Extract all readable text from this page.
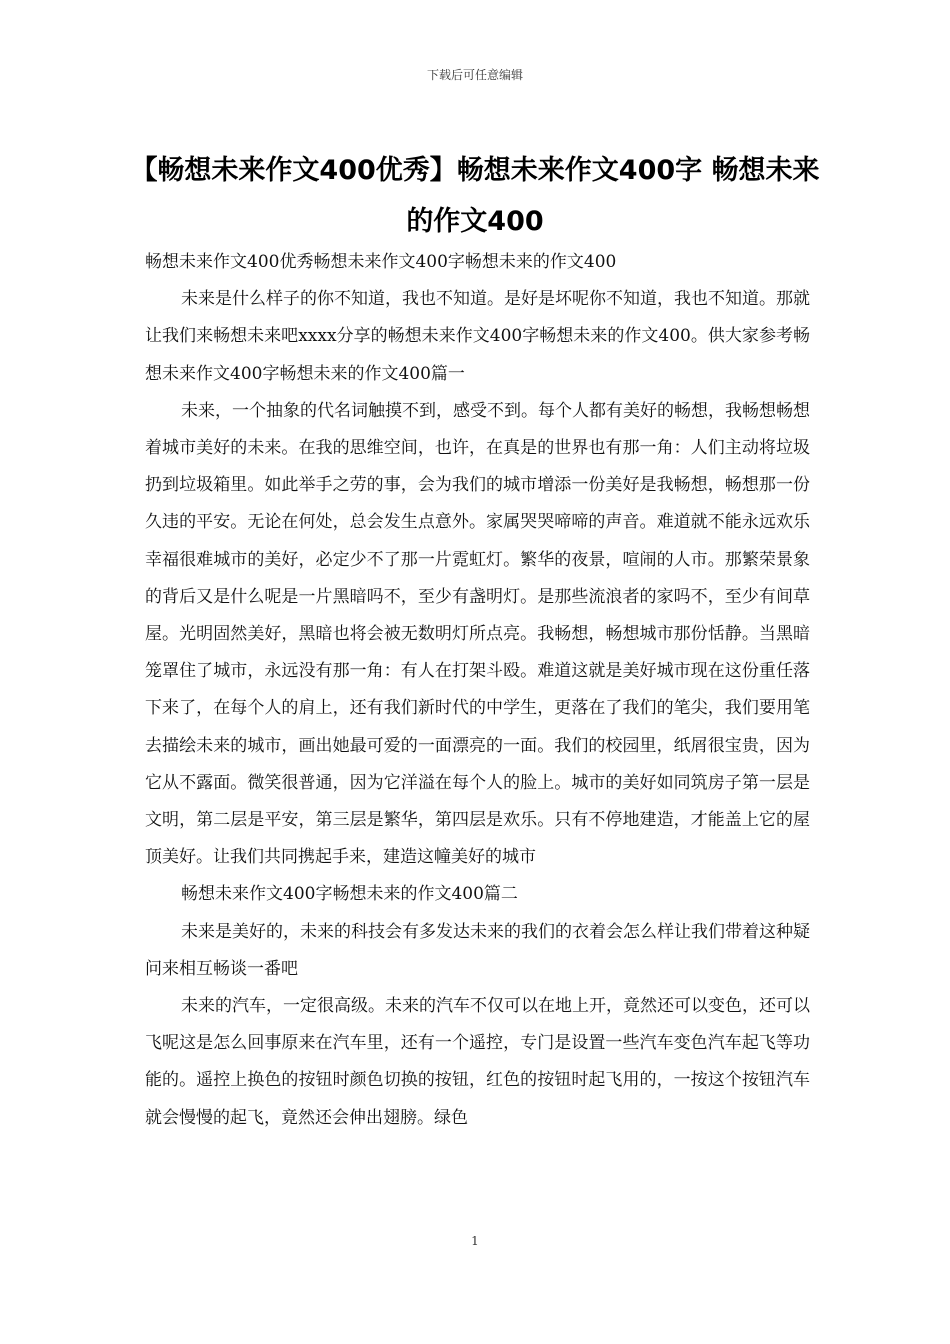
下载后可任意编辑
【畅想未来作文400优秀】畅想未来作文400字 畅想未来的作文400

畅想未来作文400优秀畅想未来作文400字畅想未来的作文400

未来是什么样子的你不知道，我也不知道。是好是坏呢你不知道，我也不知道。那就让我们来畅想未来吧xxxx分享的畅想未来作文400字畅想未来的作文400。供大家参考畅想未来作文400字畅想未来的作文400篇一

未来，一个抽象的代名词触摸不到，感受不到。每个人都有美好的畅想，我畅想畅想着城市美好的未来。在我的思维空间，也许，在真是的世界也有那一角：人们主动将垃圾扔到垃圾箱里。如此举手之劳的事，会为我们的城市增添一份美好是我畅想，畅想那一份久违的平安。无论在何处，总会发生点意外。家属哭哭啼啼的声音。难道就不能永远欢乐幸福很难城市的美好，必定少不了那一片霓虹灯。繁华的夜景，喧闹的人市。那繁荣景象的背后又是什么呢是一片黑暗吗不，至少有盏明灯。是那些流浪者的家吗不，至少有间草屋。光明固然美好，黑暗也将会被无数明灯所点亮。我畅想，畅想城市那份恬静。当黑暗笼罩住了城市，永远没有那一角：有人在打架斗殴。难道这就是美好城市现在这份重任落下来了，在每个人的肩上，还有我们新时代的中学生，更落在了我们的笔尖，我们要用笔去描绘未来的城市，画出她最可爱的一面漂亮的一面。我们的校园里，纸屑很宝贵，因为它从不露面。微笑很普通，因为它洋溢在每个人的脸上。城市的美好如同筑房子第一层是文明，第二层是平安，第三层是繁华，第四层是欢乐。只有不停地建造，才能盖上它的屋顶美好。让我们共同携起手来，建造这幢美好的城市

畅想未来作文400字畅想未来的作文400篇二

未来是美好的，未来的科技会有多发达未来的我们的衣着会怎么样让我们带着这种疑问来相互畅谈一番吧

未来的汽车，一定很高级。未来的汽车不仅可以在地上开，竟然还可以变色，还可以飞呢这是怎么回事原来在汽车里，还有一个遥控，专门是设置一些汽车变色汽车起飞等功能的。遥控上换色的按钮时颜色切换的按钮，红色的按钮时起飞用的，一按这个按钮汽车就会慢慢的起飞，竟然还会伸出翅膀。绿色

1
